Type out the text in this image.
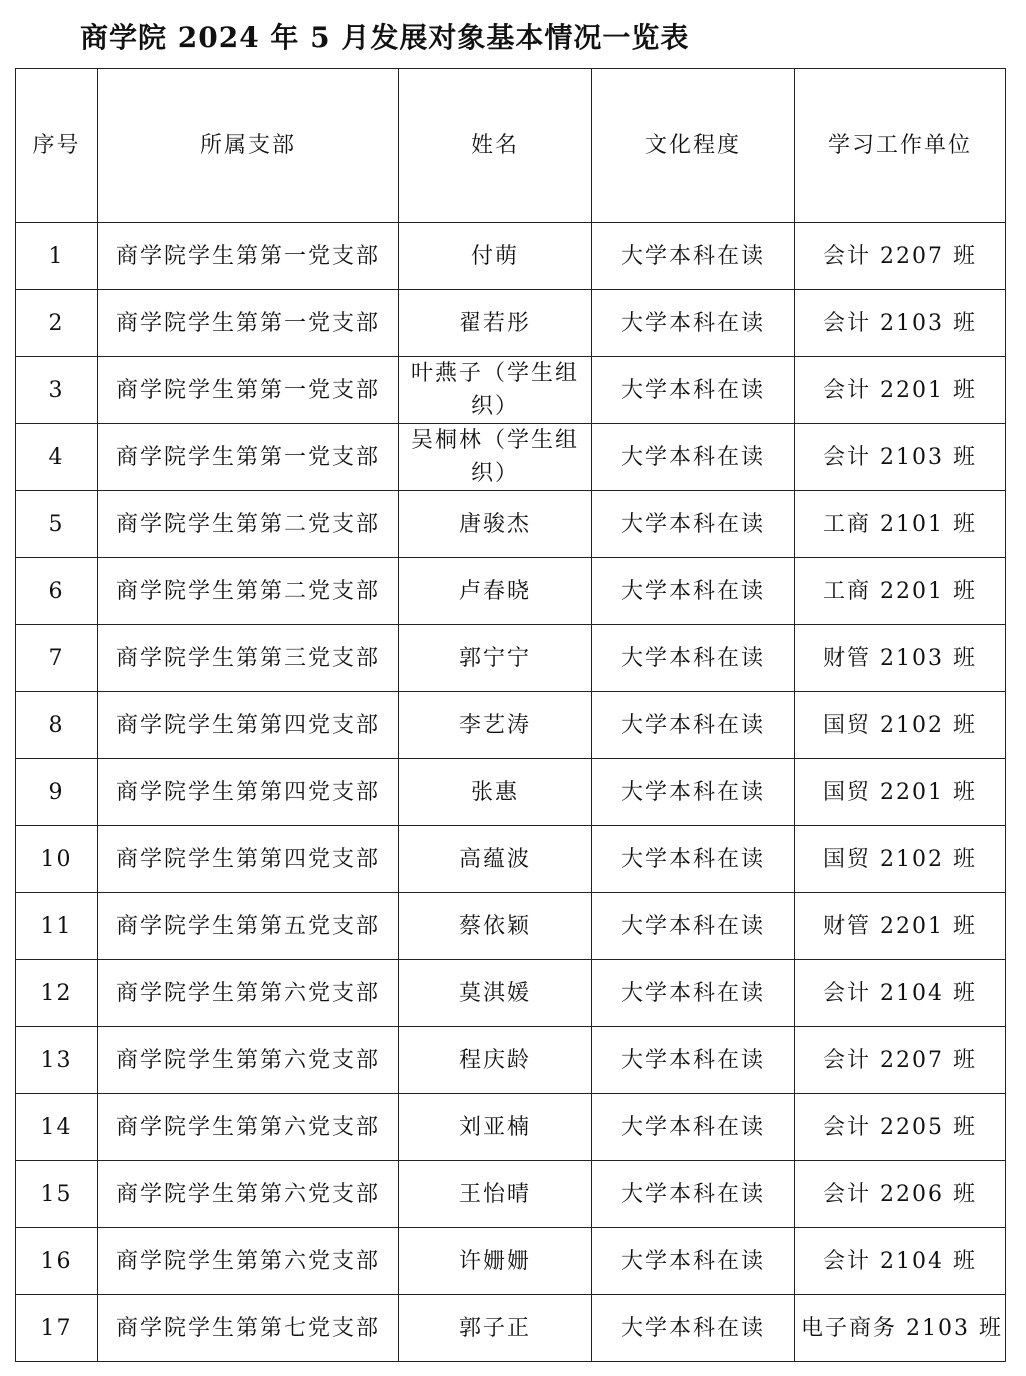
商学院 2024 年 5 月发展对象基本情况一览表
序号	所属支部	姓名	文化程度	学习工作单位
1	商学院学生第第一党支部	付萌	大学本科在读	会计 2207 班
2	商学院学生第第一党支部	翟若彤	大学本科在读	会计 2103 班
3	商学院学生第第一党支部	叶燕子（学生组织）	大学本科在读	会计 2201 班
4	商学院学生第第一党支部	吴桐林（学生组织）	大学本科在读	会计 2103 班
5	商学院学生第第二党支部	唐骏杰	大学本科在读	工商 2101 班
6	商学院学生第第二党支部	卢春晓	大学本科在读	工商 2201 班
7	商学院学生第第三党支部	郭宁宁	大学本科在读	财管 2103 班
8	商学院学生第第四党支部	李艺涛	大学本科在读	国贸 2102 班
9	商学院学生第第四党支部	张惠	大学本科在读	国贸 2201 班
10	商学院学生第第四党支部	高蕴波	大学本科在读	国贸 2102 班
11	商学院学生第第五党支部	蔡依颖	大学本科在读	财管 2201 班
12	商学院学生第第六党支部	莫淇媛	大学本科在读	会计 2104 班
13	商学院学生第第六党支部	程庆龄	大学本科在读	会计 2207 班
14	商学院学生第第六党支部	刘亚楠	大学本科在读	会计 2205 班
15	商学院学生第第六党支部	王怡晴	大学本科在读	会计 2206 班
16	商学院学生第第六党支部	许姗姗	大学本科在读	会计 2104 班
17	商学院学生第第七党支部	郭子正	大学本科在读	电子商务 2103 班
